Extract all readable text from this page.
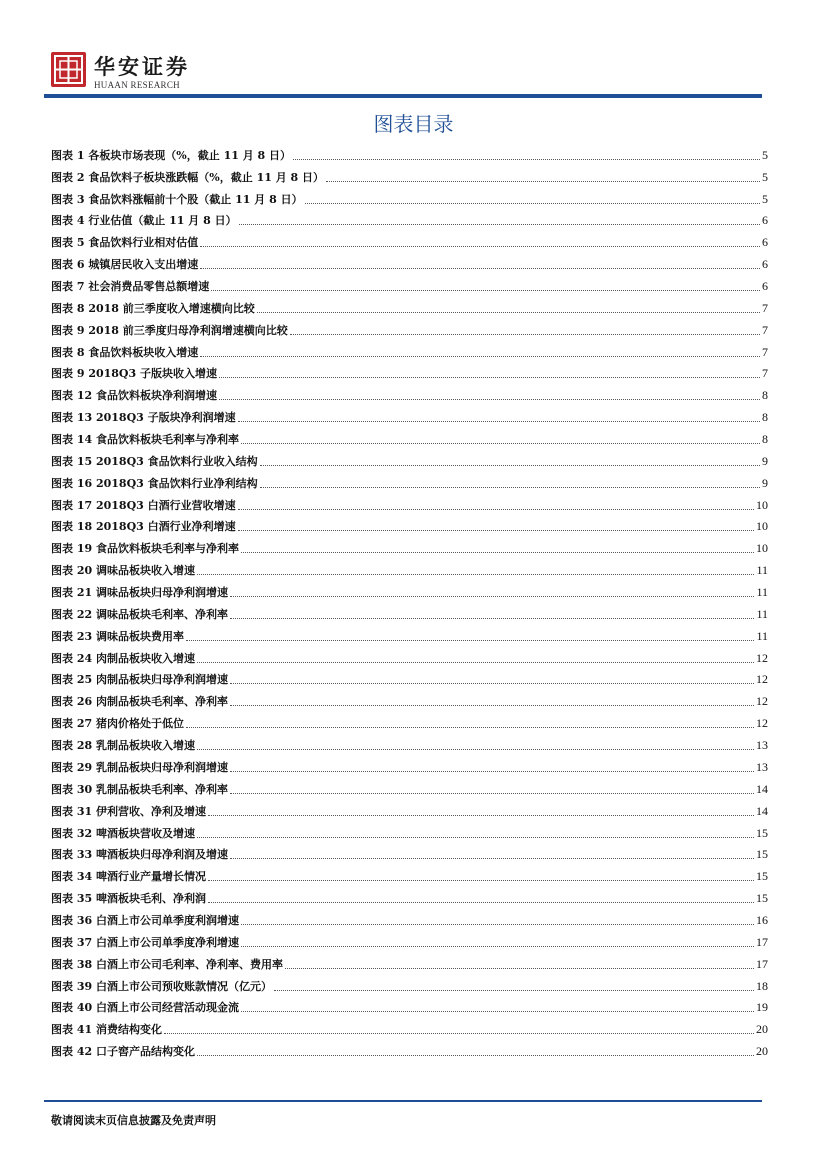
华安证券
HUAAN RESEARCH
图表目录
图表 1 各板块市场表现（%，截止 11 月 8 日）	5
图表 2 食品饮料子板块涨跌幅（%，截止 11 月 8 日）	5
图表 3 食品饮料涨幅前十个股（截止 11 月 8 日）	5
图表 4 行业估值（截止 11 月 8 日）	6
图表 5 食品饮料行业相对估值	6
图表 6 城镇居民收入支出增速	6
图表 7 社会消费品零售总额增速	6
图表 8 2018 前三季度收入增速横向比较	7
图表 9 2018 前三季度归母净利润增速横向比较	7
图表 8 食品饮料板块收入增速	7
图表 9 2018Q3 子版块收入增速	7
图表 12 食品饮料板块净利润增速	8
图表 13 2018Q3 子版块净利润增速	8
图表 14 食品饮料板块毛利率与净利率	8
图表 15 2018Q3 食品饮料行业收入结构	9
图表 16 2018Q3 食品饮料行业净利结构	9
图表 17 2018Q3 白酒行业营收增速	10
图表 18 2018Q3 白酒行业净利增速	10
图表 19 食品饮料板块毛利率与净利率	10
图表 20 调味品板块收入增速	11
图表 21 调味品板块归母净利润增速	11
图表 22 调味品板块毛利率、净利率	11
图表 23 调味品板块费用率	11
图表 24 肉制品板块收入增速	12
图表 25 肉制品板块归母净利润增速	12
图表 26 肉制品板块毛利率、净利率	12
图表 27 猪肉价格处于低位	12
图表 28 乳制品板块收入增速	13
图表 29 乳制品板块归母净利润增速	13
图表 30 乳制品板块毛利率、净利率	14
图表 31 伊利营收、净利及增速	14
图表 32 啤酒板块营收及增速	15
图表 33 啤酒板块归母净利润及增速	15
图表 34 啤酒行业产量增长情况	15
图表 35 啤酒板块毛利、净利润	15
图表 36 白酒上市公司单季度利润增速	16
图表 37 白酒上市公司单季度净利增速	17
图表 38 白酒上市公司毛利率、净利率、费用率	17
图表 39 白酒上市公司预收账款情况（亿元）	18
图表 40 白酒上市公司经营活动现金流	19
图表 41 消费结构变化	20
图表 42 口子窖产品结构变化	20
敬请阅读末页信息披露及免责声明
